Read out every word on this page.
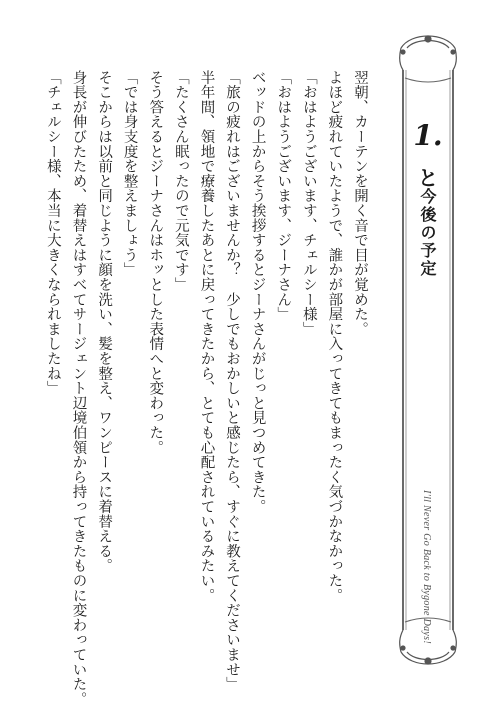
翌朝、カーテンを開く音で目が覚めた。

よほど疲れていたようで、誰かが部屋に入ってきてもまったく気づかなかった。

「おはようございます、チェルシー様」

「おはようございます、ジーナさん」

ベッドの上からそう挨拶するとジーナさんがじっと見つめてきた。

「旅の疲れはございませんか？　少しでもおかしいと感じたら、すぐに教えてくださいませ」

半年間、領地で療養したあとに戻ってきたから、とても心配されているみたい。

「たくさん眠ったので元気です」

そう答えるとジーナさんはホッとした表情へと変わった。

「では身支度を整えましょう」

そこからは以前と同じように顔を洗い、髪を整え、ワンピースに着替える。

身長が伸びたため、着替えはすべてサージェント辺境伯領から持ってきたものに変わっていた。

「チェルシー様、本当に大きくなられましたね」	1.
と
今後の予定
I'll Never Go Back to Bygone Days!
